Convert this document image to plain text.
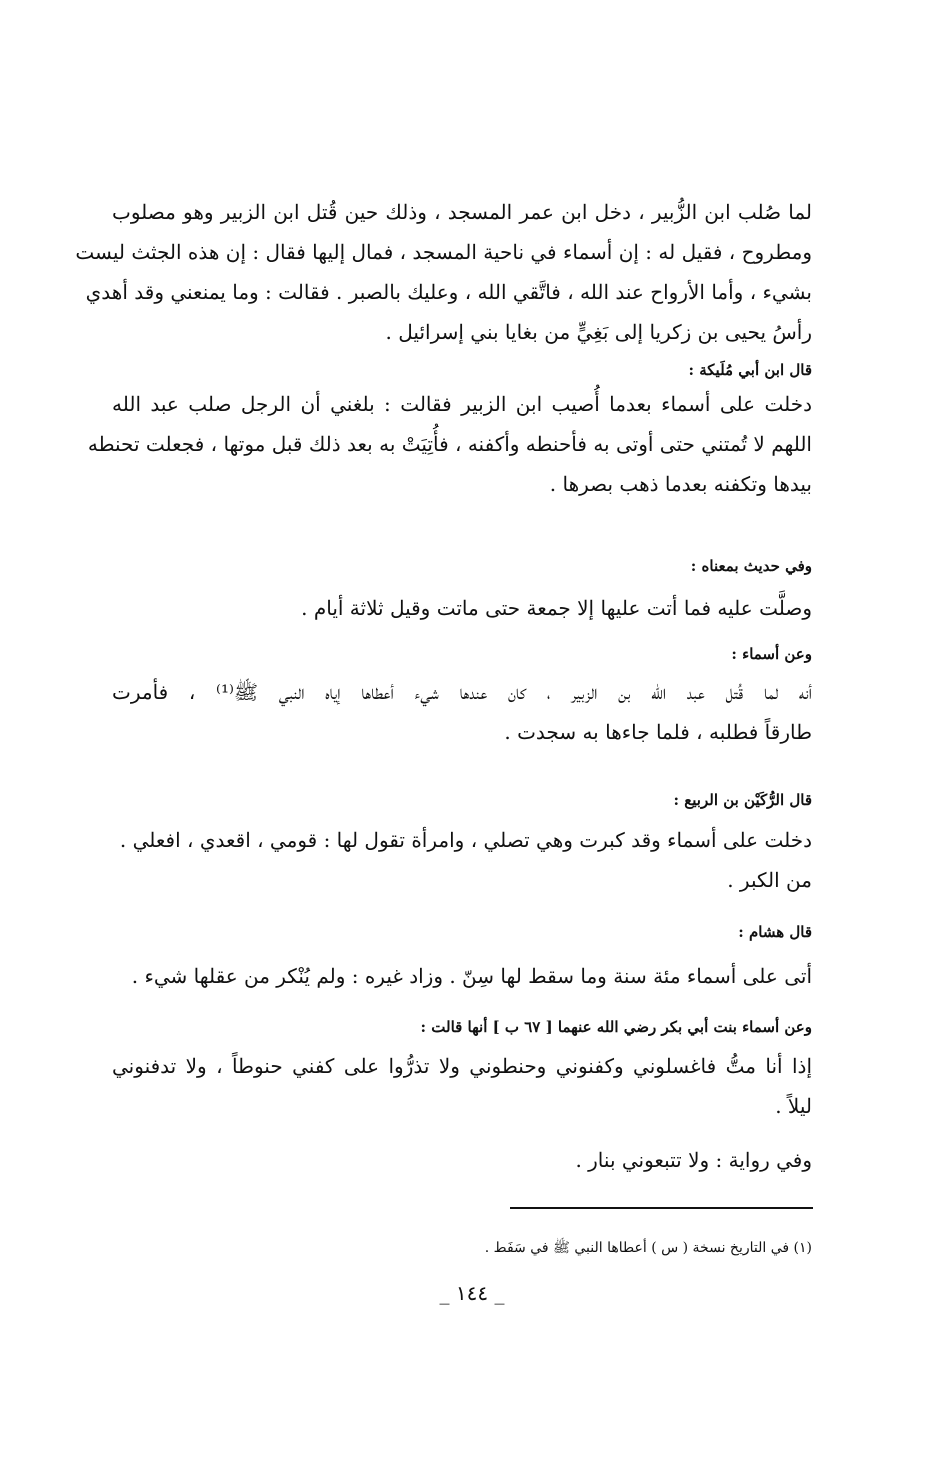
لما صُلب ابن الزُّبير ، دخل ابن عمر المسجد ، وذلك حين قُتل ابن الزبير وهو مصلوب
ومطروح ، فقيل له : إن أسماء في ناحية المسجد ، فمال إليها فقال : إن هذه الجثث ليست
بشيء ، وأما الأرواح عند الله ، فاتَّقي الله ، وعليك بالصبر . فقالت : وما يمنعني وقد أهدي
رأسُ يحيى بن زكريا إلى بَغِيٍّ من بغايا بني إسرائيل .
قال ابن أبي مُلَيكة :
دخلت على أسماء بعدما أُصيب ابن الزبير فقالت : بلغني أن الرجل صلب عبد الله
اللهم لا تُمتني حتى أوتى به فأحنطه وأكفنه ، فأُتِيَتْ به بعد ذلك قبل موتها ، فجعلت تحنطه
بيدها وتكفنه بعدما ذهب بصرها .
وفي حديث بمعناه :
وصلَّت عليه فما أتت عليها إلا جمعة حتى ماتت وقيل ثلاثة أيام .
وعن أسماء :
أنه لما قُتل عبد الله بن الزبير ، كان عندها شيء أعطاها إياه النبي ﷺ⁽¹⁾ ، فأمرت
طارقاً فطلبه ، فلما جاءها به سجدت .
قال الرُّكَيْن بن الربيع :
دخلت على أسماء وقد كبرت وهي تصلي ، وامرأة تقول لها : قومي ، اقعدي ، افعلي .
من الكبر .
قال هشام :
أتى على أسماء مئة سنة وما سقط لها سِنّ . وزاد غيره : ولم يُنْكر من عقلها شيء .
وعن أسماء بنت أبي بكر رضي الله عنهما [ ٦٧ ب ] أنها قالت :
إذا أنا متُّ فاغسلوني وكفنوني وحنطوني ولا تذرُّوا على كفني حنوطاً ، ولا تدفنوني
ليلاً .
وفي رواية : ولا تتبعوني بنار .
(١) في التاريخ نسخة ( س ) أعطاها النبي ﷺ في سَفَط .
_ ١٤٤ _
